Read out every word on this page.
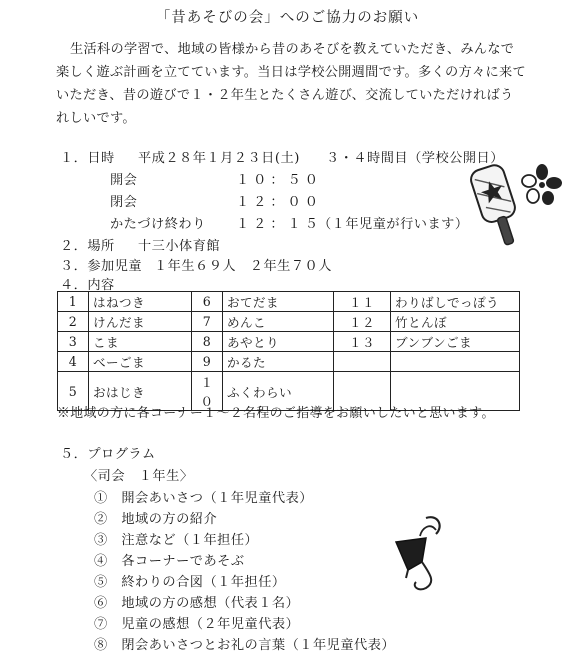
「昔あそびの会」へのご協力のお願い

生活科の学習で、地域の皆様から昔のあそびを教えていただき、みんなで楽しく遊ぶ計画を立てています。当日は学校公開週間です。多くの方々に来ていただき、昔の遊びで１・２年生とたくさん遊び、交流していただければうれしいです。

１．日時 平成２８年１月２３日(土) ３・４時間目（学校公開日）
開会	１０：５０
閉会	１２：００
かたづけ終わり １２：１５
（１年児童が行います）
２．場所 十三小体育館
３．参加児童 １年生６９人　２年生７０人
４．内容
1	はねつき	6	おてだま	１１	わりばしでっぽう
2	けんだま	7	めんこ	１２	竹とんぼ
3	こま	8	あやとり	１３	ブンブンごま
4	べーごま	9	かるた		
5	おはじき	１０	ふくわらい		
※地域の方に各コーナー１～２名程のご指導をお願いしたいと思います。
５．プログラム
〈司会　１年生〉
①　開会あいさつ（１年児童代表）
②　地域の方の紹介
③　注意など（１年担任）
④　各コーナーであそぶ
⑤　終わりの合図（１年担任）
⑥　地域の方の感想（代表１名）
⑦　児童の感想（２年児童代表）
⑧　閉会あいさつとお礼の言葉（１年児童代表）
